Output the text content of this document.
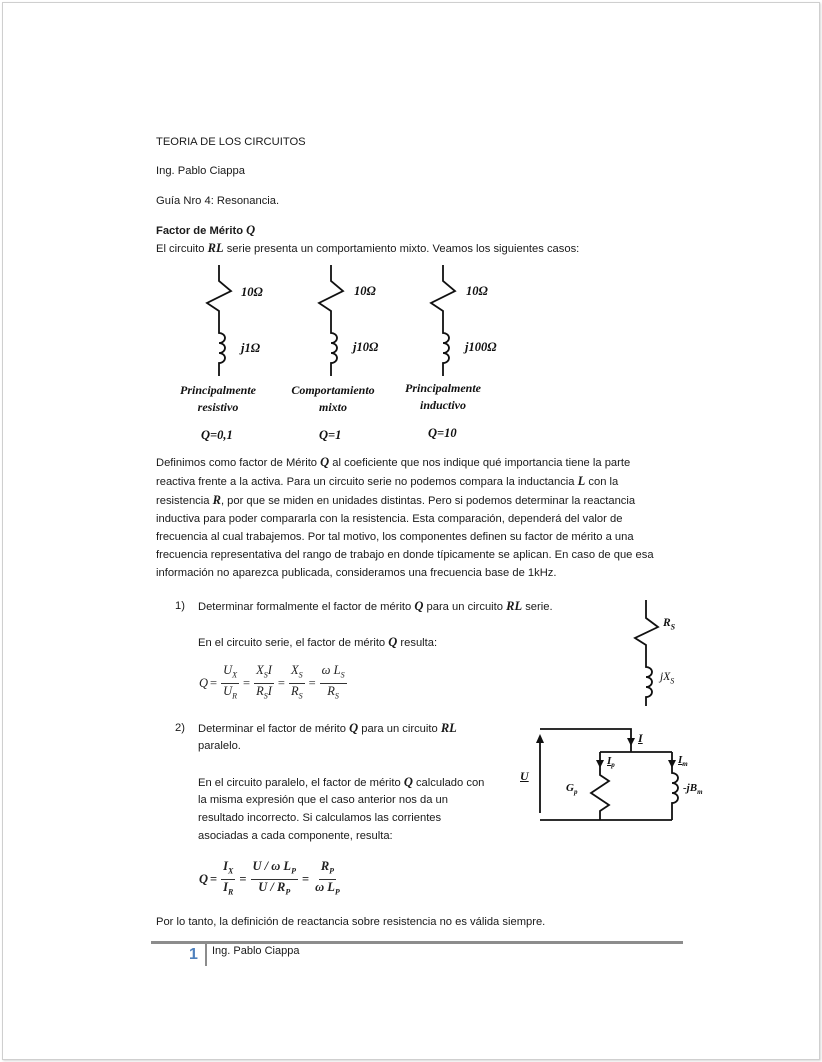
TEORIA DE LOS CIRCUITOS
Ing. Pablo Ciappa
Guía Nro 4: Resonancia.
Factor de Mérito Q
El circuito RL serie presenta un comportamiento mixto. Veamos los siguientes casos:
10Ω
j1Ω
10Ω
j10Ω
10Ω
j100Ω
Principalmente
resistivo
Comportamiento
mixto
Principalmente
inductivo
Q=0,1	Q=1	Q=10
Definimos como factor de Mérito Q al coeficiente que nos indique qué importancia tiene la parte
reactiva frente a la activa. Para un circuito serie no podemos compara la inductancia L con la
resistencia R, por que se miden en unidades distintas. Pero si podemos determinar la reactancia
inductiva para poder compararla con la resistencia. Esta comparación, dependerá del valor de
frecuencia al cual trabajemos. Por tal motivo, los componentes definen su factor de mérito a una
frecuencia representativa del rango de trabajo en donde típicamente se aplican. En caso de que esa
información no aparezca publicada, consideramos una frecuencia base de 1kHz.
1) Determinar formalmente el factor de mérito Q para un circuito RL serie.
En el circuito serie, el factor de mérito Q resulta:
$Q = \frac{U_X}{U_R} = \frac{X_SI}{R_SI} = \frac{X_S}{R_S} = \frac{\omega L_S}{R_S}$
$R_S$
$jX_S$
2) Determinar el factor de mérito Q para un circuito RL
paralelo.
En el circuito paralelo, el factor de mérito Q calculado con
la misma expresión que el caso anterior nos da un
resultado incorrecto. Si calculamos las corrientes
asociadas a cada componente, resulta:
$Q = \frac{I_X}{I_R} = \frac{U / \omega L_P}{U / R_P} = \frac{R_P}{\omega L_P}$
U
I
$I_p$	$I_m$
$G_p$	$-jB_m$
Por lo tanto, la definición de reactancia sobre resistencia no es válida siempre.
1 Ing. Pablo Ciappa
